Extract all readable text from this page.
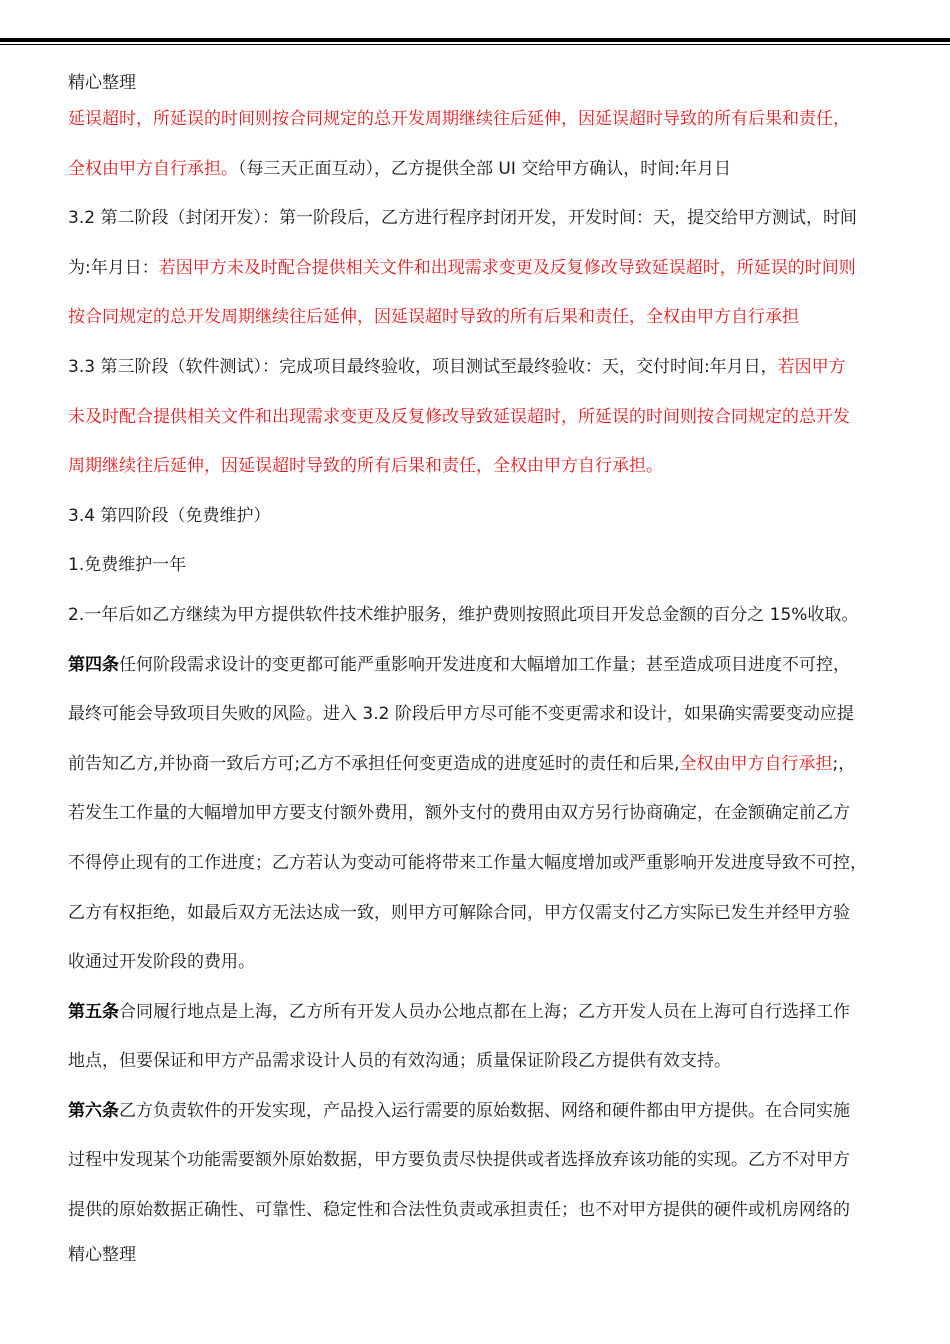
精心整理
延误超时，所延误的时间则按合同规定的总开发周期继续往后延伸，因延误超时导致的所有后果和责任，
全权由甲方自行承担。（每三天正面互动），乙方提供全部 UI 交给甲方确认，时间:年月日
3.2 第二阶段（封闭开发）：第一阶段后，乙方进行程序封闭开发，开发时间：天，提交给甲方测试，时间
为:年月日：若因甲方未及时配合提供相关文件和出现需求变更及反复修改导致延误超时，所延误的时间则
按合同规定的总开发周期继续往后延伸，因延误超时导致的所有后果和责任，全权由甲方自行承担
3.3 第三阶段（软件测试）：完成项目最终验收，项目测试至最终验收：天，交付时间:年月日，若因甲方
未及时配合提供相关文件和出现需求变更及反复修改导致延误超时，所延误的时间则按合同规定的总开发
周期继续往后延伸，因延误超时导致的所有后果和责任，全权由甲方自行承担。
3.4 第四阶段（免费维护）
1.免费维护一年
2.一年后如乙方继续为甲方提供软件技术维护服务，维护费则按照此项目开发总金额的百分之 15%收取。
第四条任何阶段需求设计的变更都可能严重影响开发进度和大幅增加工作量；甚至造成项目进度不可控，
最终可能会导致项目失败的风险。进入 3.2 阶段后甲方尽可能不变更需求和设计，如果确实需要变动应提
前告知乙方,并协商一致后方可;乙方不承担任何变更造成的进度延时的责任和后果,全权由甲方自行承担;，
若发生工作量的大幅增加甲方要支付额外费用，额外支付的费用由双方另行协商确定，在金额确定前乙方
不得停止现有的工作进度；乙方若认为变动可能将带来工作量大幅度增加或严重影响开发进度导致不可控，
乙方有权拒绝，如最后双方无法达成一致，则甲方可解除合同，甲方仅需支付乙方实际已发生并经甲方验
收通过开发阶段的费用。
第五条合同履行地点是上海，乙方所有开发人员办公地点都在上海；乙方开发人员在上海可自行选择工作
地点，但要保证和甲方产品需求设计人员的有效沟通；质量保证阶段乙方提供有效支持。
第六条乙方负责软件的开发实现，产品投入运行需要的原始数据、网络和硬件都由甲方提供。在合同实施
过程中发现某个功能需要额外原始数据，甲方要负责尽快提供或者选择放弃该功能的实现。乙方不对甲方
提供的原始数据正确性、可靠性、稳定性和合法性负责或承担责任；也不对甲方提供的硬件或机房网络的
精心整理
